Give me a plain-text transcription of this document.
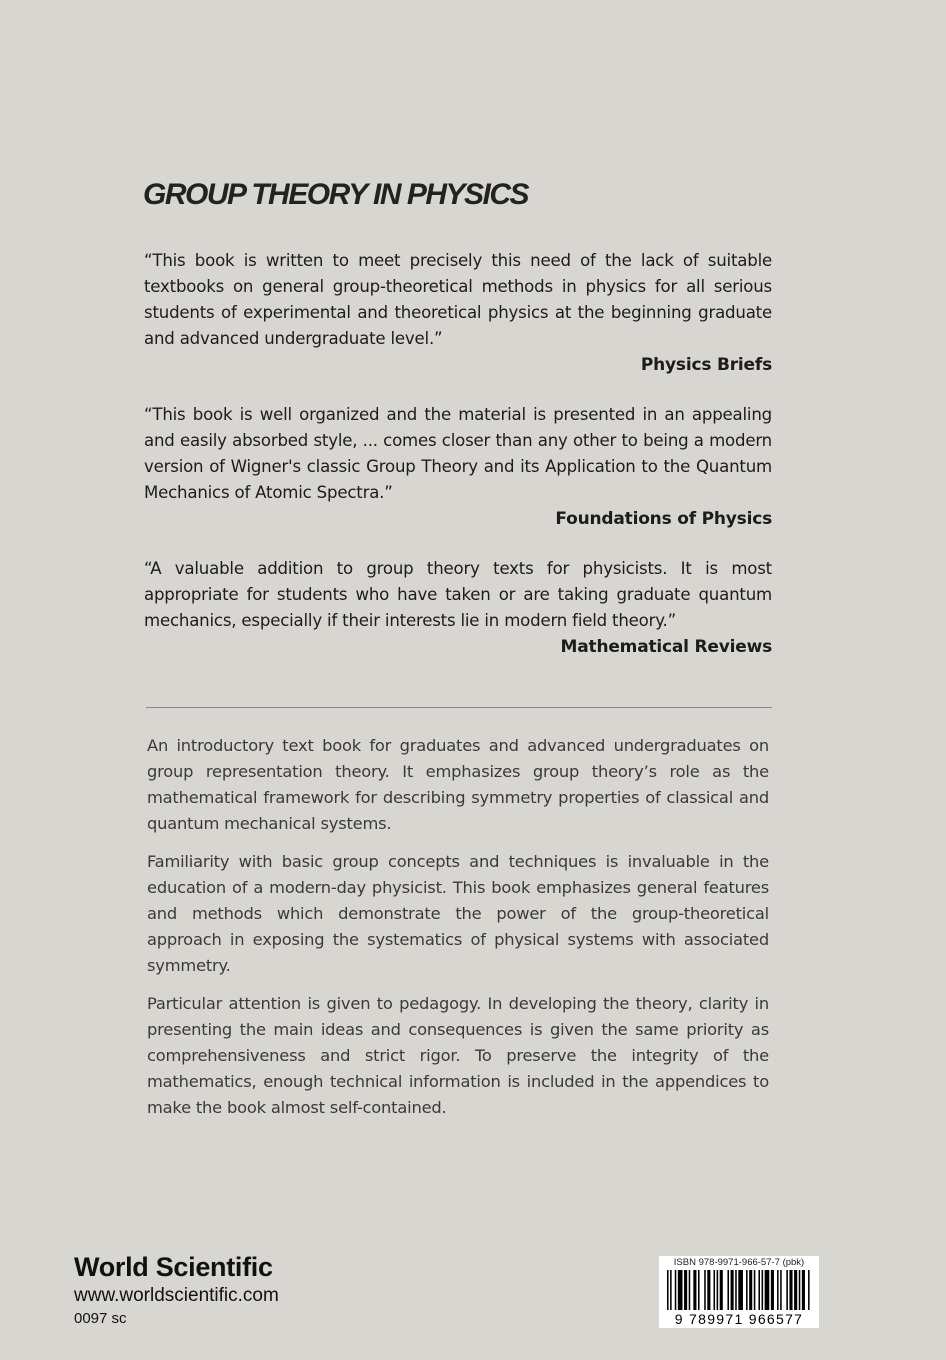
GROUP THEORY IN PHYSICS

“This book is written to meet precisely this need of the lack of suitable textbooks on general group-theoretical methods in physics for all serious students of experimental and theoretical physics at the beginning graduate and advanced undergraduate level.”

Physics Briefs

“This book is well organized and the material is presented in an appealing and easily absorbed style, ... comes closer than any other to being a modern version of Wigner's classic Group Theory and its Application to the Quantum Mechanics of Atomic Spectra.”

Foundations of Physics

“A valuable addition to group theory texts for physicists. It is most appropriate for students who have taken or are taking graduate quantum mechanics, especially if their interests lie in modern field theory.”

Mathematical Reviews

An introductory text book for graduates and advanced undergraduates on group representation theory. It emphasizes group theory’s role as the mathematical framework for describing symmetry properties of classical and quantum mechanical systems.

Familiarity with basic group concepts and techniques is invaluable in the education of a modern-day physicist. This book emphasizes general features and methods which demonstrate the power of the group-theoretical approach in exposing the systematics of physical systems with associated symmetry.

Particular attention is given to pedagogy. In developing the theory, clarity in presenting the main ideas and consequences is given the same priority as comprehensiveness and strict rigor. To preserve the integrity of the mathematics, enough technical information is included in the appendices to make the book almost self-contained.

World Scientific
www.worldscientific.com
0097 sc
ISBN 978-9971-966-57-7 (pbk)
9 789971 966577
